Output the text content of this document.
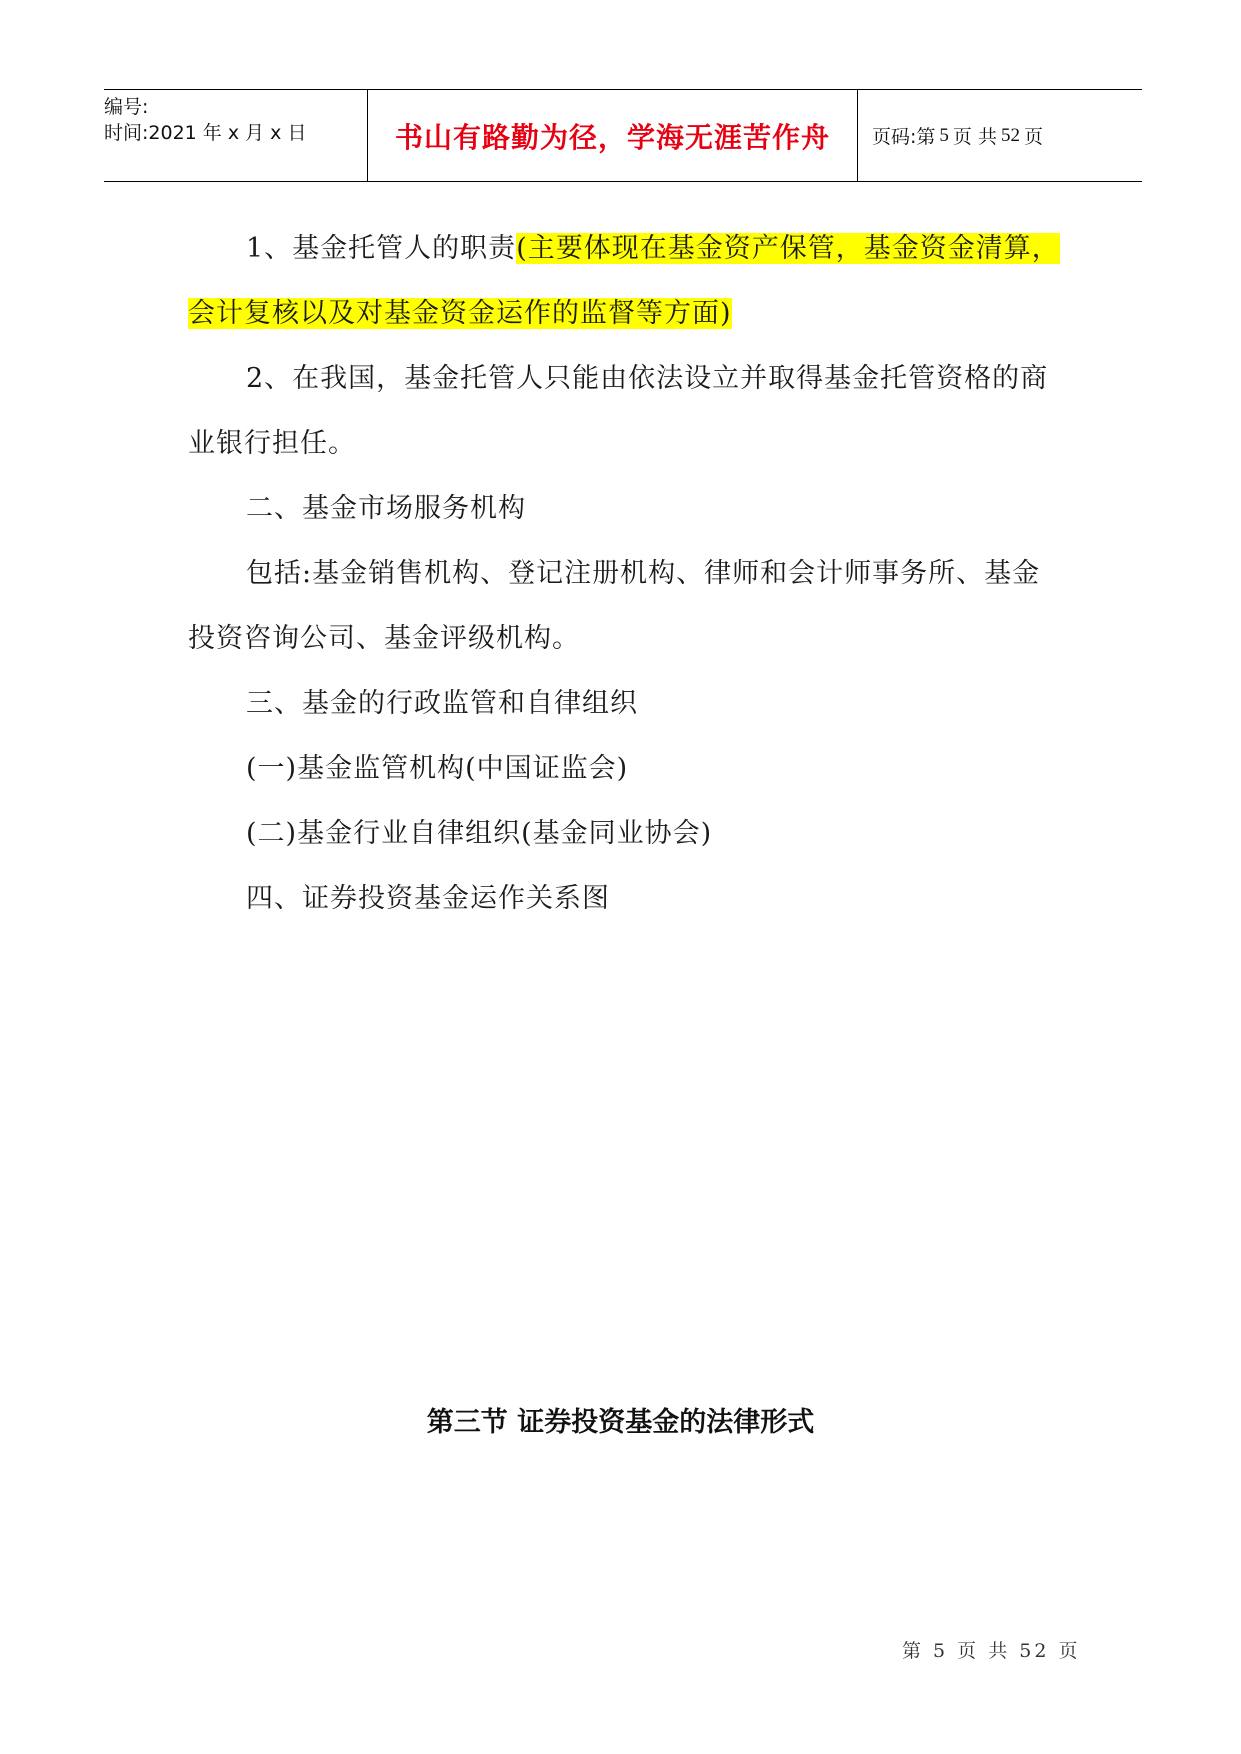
编号:
时间:2021 年 x 月 x 日	书山有路勤为径，学海无涯苦作舟	页码:第 5 页 共 52 页

1、基金托管人的职责(主要体现在基金资产保管，基金资金清算，会计复核以及对基金资金运作的监督等方面)

2、在我国，基金托管人只能由依法设立并取得基金托管资格的商业银行担任。

二、基金市场服务机构

包括:基金销售机构、登记注册机构、律师和会计师事务所、基金投资咨询公司、基金评级机构。

三、基金的行政监管和自律组织

(一)基金监管机构(中国证监会)

(二)基金行业自律组织(基金同业协会)

四、证券投资基金运作关系图

第三节 证券投资基金的法律形式
第 5 页 共 52 页
